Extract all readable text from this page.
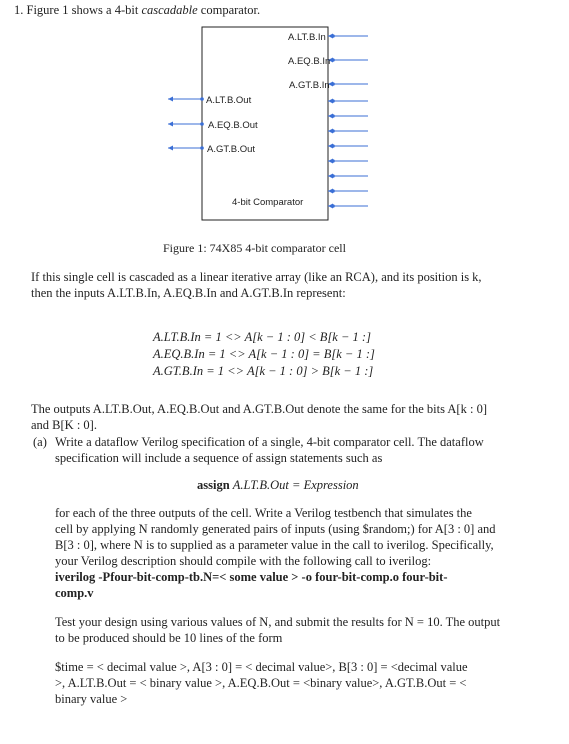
1. Figure 1 shows a 4-bit cascadable comparator.
A.LT.B.In
A.EQ.B.In
A.GT.B.In
A.LT.B.Out
A.EQ.B.Out
A.GT.B.Out
4-bit Comparator
Figure 1: 74X85 4-bit comparator cell
If this single cell is cascaded as a linear iterative array (like an RCA), and its position is k,
then the inputs A.LT.B.In, A.EQ.B.In and A.GT.B.In represent:
A.LT.B.In = 1 <> A[k − 1 : 0] < B[k − 1 :]
A.EQ.B.In = 1 <> A[k − 1 : 0] = B[k − 1 :]
A.GT.B.In = 1 <> A[k − 1 : 0] > B[k − 1 :]
The outputs A.LT.B.Out, A.EQ.B.Out and A.GT.B.Out denote the same for the bits A[k : 0]
and B[K : 0].
(a) Write a dataflow Verilog specification of a single, 4-bit comparator cell. The dataflow
specification will include a sequence of assign statements such as
assign A.LT.B.Out = Expression
for each of the three outputs of the cell. Write a Verilog testbench that simulates the
cell by applying N randomly generated pairs of inputs (using $random;) for A[3 : 0] and
B[3 : 0], where N is to supplied as a parameter value in the call to iverilog. Specifically,
your Verilog description should compile with the following call to iverilog:
iverilog -Pfour-bit-comp-tb.N=< some value > -o four-bit-comp.o four-bit-
comp.v
Test your design using various values of N, and submit the results for N = 10. The output
to be produced should be 10 lines of the form
$time = < decimal value >, A[3 : 0] = < decimal value>, B[3 : 0] = <decimal value
>, A.LT.B.Out = < binary value >, A.EQ.B.Out = <binary value>, A.GT.B.Out = <
binary value >
